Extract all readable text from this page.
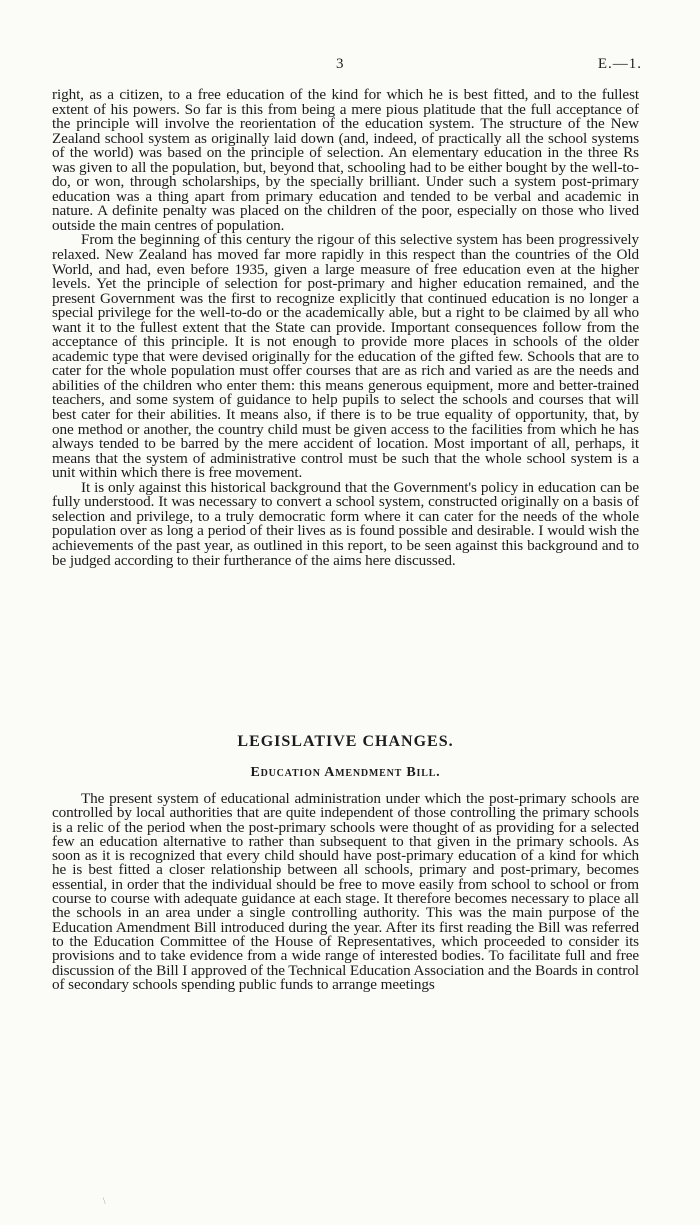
3	E.—1.

right, as a citizen, to a free education of the kind for which he is best fitted, and to the fullest extent of his powers. So far is this from being a mere pious platitude that the full acceptance of the principle will involve the reorientation of the education system. The structure of the New Zealand school system as originally laid down (and, indeed, of practically all the school systems of the world) was based on the principle of selection. An elementary education in the three Rs was given to all the population, but, beyond that, schooling had to be either bought by the well-to-do, or won, through scholarships, by the specially brilliant. Under such a system post-primary education was a thing apart from primary education and tended to be verbal and academic in nature. A definite penalty was placed on the children of the poor, especially on those who lived outside the main centres of population.

From the beginning of this century the rigour of this selective system has been progressively relaxed. New Zealand has moved far more rapidly in this respect than the countries of the Old World, and had, even before 1935, given a large measure of free education even at the higher levels. Yet the principle of selection for post-primary and higher education remained, and the present Government was the first to recognize explicitly that continued education is no longer a special privilege for the well-to-do or the academically able, but a right to be claimed by all who want it to the fullest extent that the State can provide. Important consequences follow from the acceptance of this principle. It is not enough to provide more places in schools of the older academic type that were devised originally for the education of the gifted few. Schools that are to cater for the whole population must offer courses that are as rich and varied as are the needs and abilities of the children who enter them: this means generous equipment, more and better-trained teachers, and some system of guidance to help pupils to select the schools and courses that will best cater for their abilities. It means also, if there is to be true equality of opportunity, that, by one method or another, the country child must be given access to the facilities from which he has always tended to be barred by the mere accident of location. Most important of all, perhaps, it means that the system of administrative control must be such that the whole school system is a unit within which there is free movement.

It is only against this historical background that the Government's policy in education can be fully understood. It was necessary to convert a school system, constructed originally on a basis of selection and privilege, to a truly democratic form where it can cater for the needs of the whole population over as long a period of their lives as is found possible and desirable. I would wish the achievements of the past year, as outlined in this report, to be seen against this background and to be judged according to their furtherance of the aims here discussed.

LEGISLATIVE CHANGES.
Education Amendment Bill.

The present system of educational administration under which the post-primary schools are controlled by local authorities that are quite independent of those controlling the primary schools is a relic of the period when the post-primary schools were thought of as providing for a selected few an education alternative to rather than subsequent to that given in the primary schools. As soon as it is recognized that every child should have post-primary education of a kind for which he is best fitted a closer relationship between all schools, primary and post-primary, becomes essential, in order that the individual should be free to move easily from school to school or from course to course with adequate guidance at each stage. It therefore becomes necessary to place all the schools in an area under a single controlling authority. This was the main purpose of the Education Amendment Bill introduced during the year. After its first reading the Bill was referred to the Education Committee of the House of Representatives, which proceeded to consider its provisions and to take evidence from a wide range of interested bodies. To facilitate full and free discussion of the Bill I approved of the Technical Education Association and the Boards in control of secondary schools spending public funds to arrange meetings

\
